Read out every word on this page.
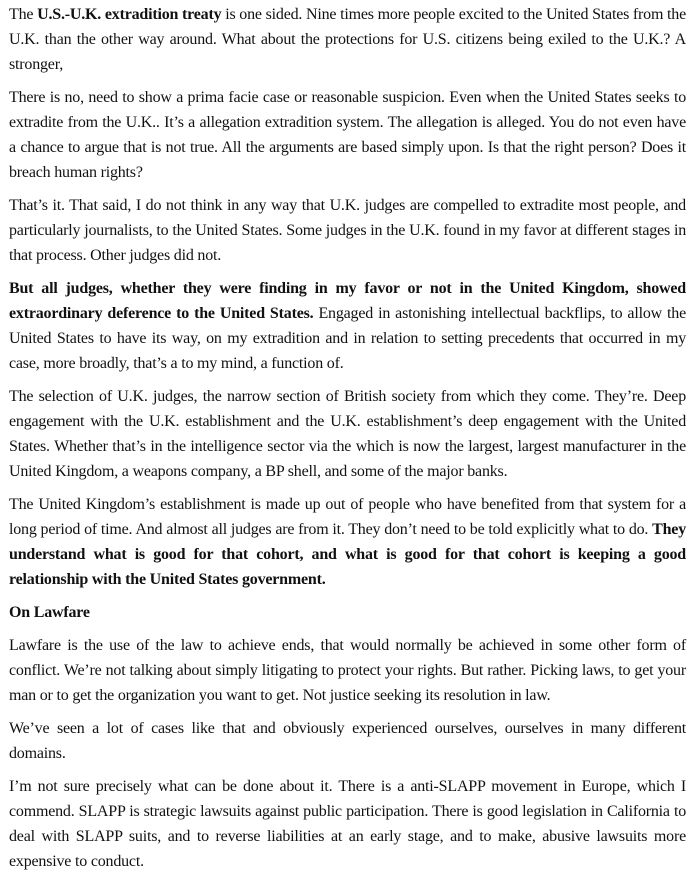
The U.S.-U.K. extradition treaty is one sided. Nine times more people excited to the United States from the U.K. than the other way around. What about the protections for U.S. citizens being exiled to the U.K.? A stronger,

There is no, need to show a prima facie case or reasonable suspicion. Even when the United States seeks to extradite from the U.K.. It’s a allegation extradition system. The allegation is alleged. You do not even have a chance to argue that is not true. All the arguments are based simply upon. Is that the right person? Does it breach human rights?

That’s it. That said, I do not think in any way that U.K. judges are compelled to extradite most people, and particularly journalists, to the United States. Some judges in the U.K. found in my favor at different stages in that process. Other judges did not.

But all judges, whether they were finding in my favor or not in the United Kingdom, showed extraordinary deference to the United States. Engaged in astonishing intellectual backflips, to allow the United States to have its way, on my extradition and in relation to setting precedents that occurred in my case, more broadly, that’s a to my mind, a function of.

The selection of U.K. judges, the narrow section of British society from which they come. They’re. Deep engagement with the U.K. establishment and the U.K. establishment’s deep engagement with the United States. Whether that’s in the intelligence sector via the which is now the largest, largest manufacturer in the United Kingdom, a weapons company, a BP shell, and some of the major banks.

The United Kingdom’s establishment is made up out of people who have benefited from that system for a long period of time. And almost all judges are from it. They don’t need to be told explicitly what to do. They understand what is good for that cohort, and what is good for that cohort is keeping a good relationship with the United States government.

On Lawfare

Lawfare is the use of the law to achieve ends, that would normally be achieved in some other form of conflict. We’re not talking about simply litigating to protect your rights. But rather. Picking laws, to get your man or to get the organization you want to get. Not justice seeking its resolution in law.

We’ve seen a lot of cases like that and obviously experienced ourselves, ourselves in many different domains.

I’m not sure precisely what can be done about it. There is a anti-SLAPP movement in Europe, which I commend. SLAPP is strategic lawsuits against public participation. There is good legislation in California to deal with SLAPP suits, and to reverse liabilities at an early stage, and to make, abusive lawsuits more expensive to conduct.
